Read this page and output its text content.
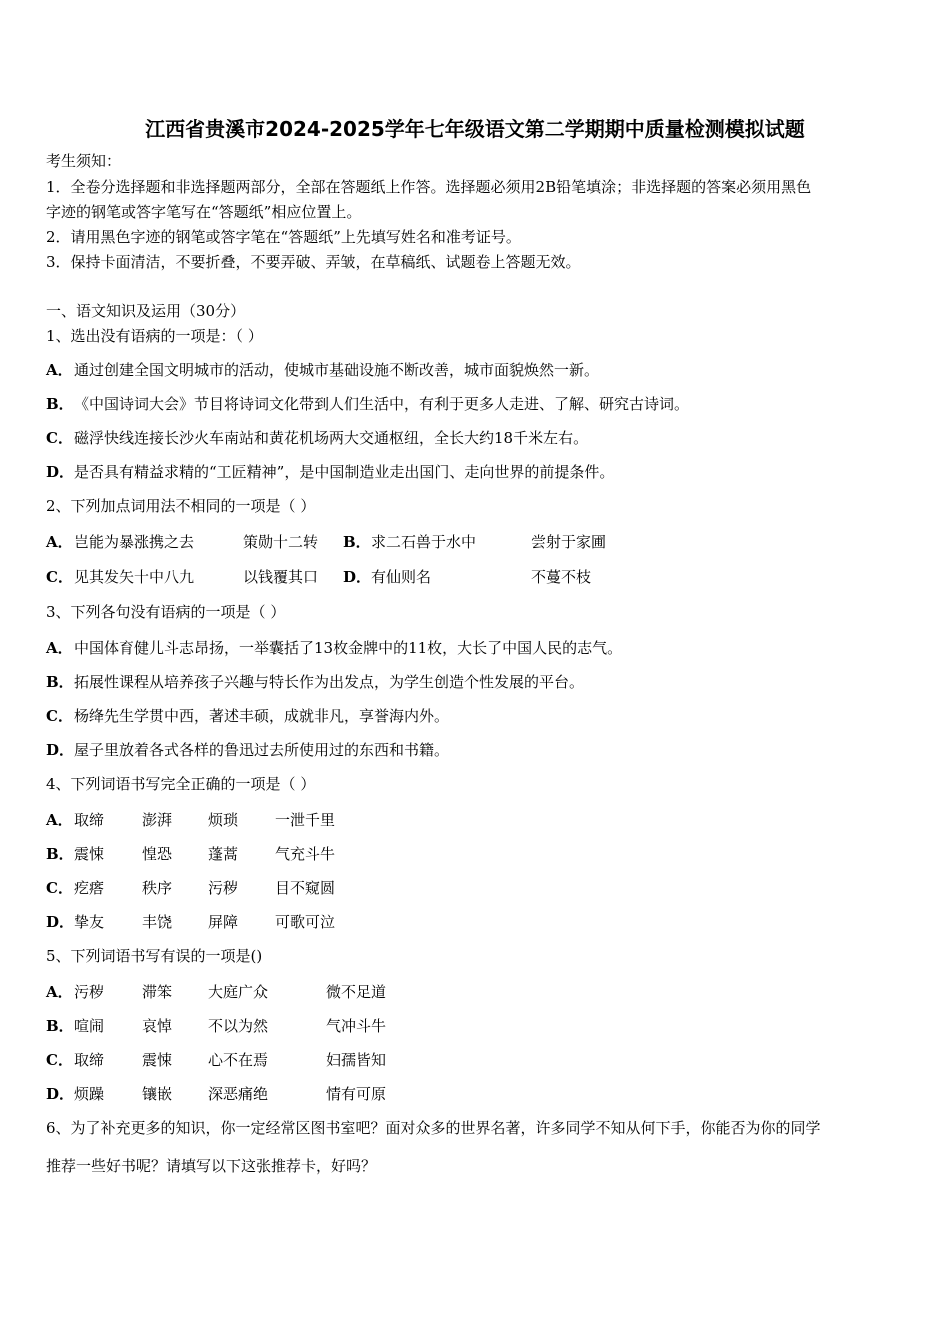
江西省贵溪市2024-2025学年七年级语文第二学期期中质量检测模拟试题
考生须知：
1．全卷分选择题和非选择题两部分，全部在答题纸上作答。选择题必须用2B铅笔填涂；非选择题的答案必须用黑色
字迹的钢笔或答字笔写在“答题纸”相应位置上。
2．请用黑色字迹的钢笔或答字笔在“答题纸”上先填写姓名和准考证号。
3．保持卡面清洁，不要折叠，不要弄破、弄皱，在草稿纸、试题卷上答题无效。
一、语文知识及运用（30分）
1、选出没有语病的一项是：（ ）
A．通过创建全国文明城市的活动，使城市基础设施不断改善，城市面貌焕然一新。
B．《中国诗词大会》节目将诗词文化带到人们生活中，有利于更多人走进、了解、研究古诗词。
C．磁浮快线连接长沙火车南站和黄花机场两大交通枢纽，全长大约18千米左右。
D．是否具有精益求精的“工匠精神”，是中国制造业走出国门、走向世界的前提条件。
2、下列加点词用法不相同的一项是（ ）
A． 岂能为暴涨携之去	策勋十二转 B． 求二石兽于水中	尝射于家圃
C． 见其发矢十中八九	以钱覆其口 D． 有仙则名	不蔓不枝
3、下列各句没有语病的一项是（ ）
A．中国体育健儿斗志昂扬，一举囊括了13枚金牌中的11枚，大长了中国人民的志气。
B．拓展性课程从培养孩子兴趣与特长作为出发点，为学生创造个性发展的平台。
C．杨绛先生学贯中西，著述丰硕，成就非凡，享誉海内外。
D．屋子里放着各式各样的鲁迅过去所使用过的东西和书籍。
4、下列词语书写完全正确的一项是（ ）
A． 取缔	澎湃 烦琐 一泄千里
B． 震悚	惶恐 蓬蒿 气充斗牛
C． 疙瘩	秩序 污秽 目不窥圆
D． 挚友	丰饶 屏障 可歌可泣
5、下列词语书写有误的一项是()
A． 污秽	滞笨 大庭广众	微不足道
B． 喧闹	哀悼 不以为然	气冲斗牛
C． 取缔	震悚 心不在焉	妇孺皆知
D． 烦躁	镶嵌 深恶痛绝	情有可原
6、为了补充更多的知识，你一定经常区图书室吧？面对众多的世界名著，许多同学不知从何下手，你能否为你的同学
推荐一些好书呢？请填写以下这张推荐卡，好吗？
